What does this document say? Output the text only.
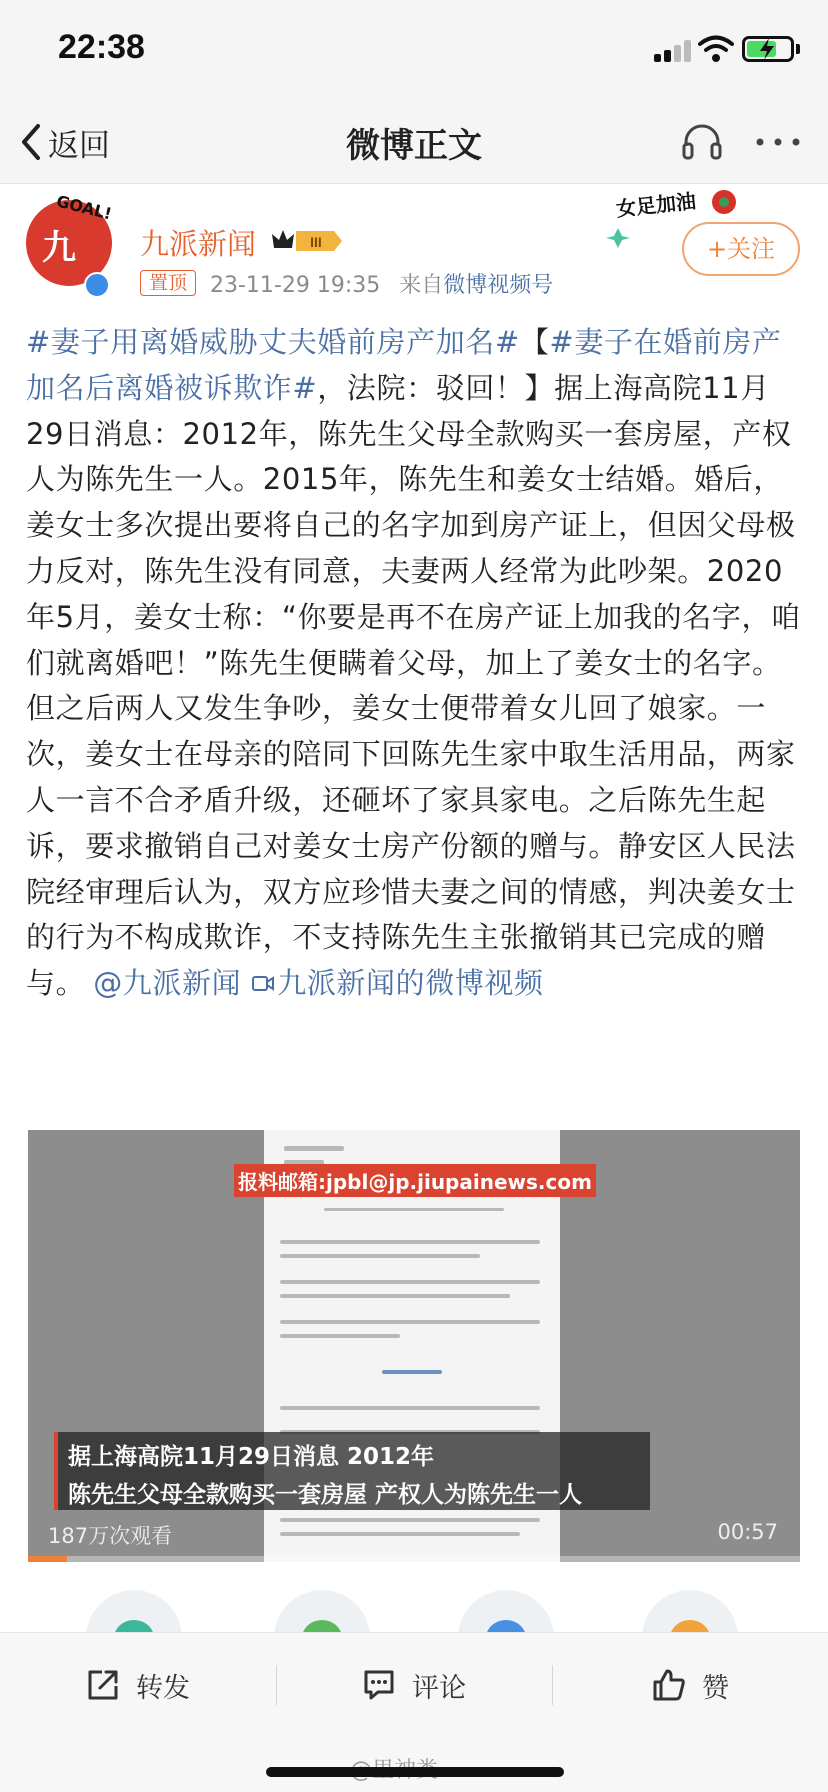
22:38
返回	微博正文
九
GOAL!
九派新闻	III
置顶	23-11-29 19:35 来自微博视频号
女足加油
+关注
#妻子用离婚威胁丈夫婚前房产加名#【#妻子在婚前房产加名后离婚被诉欺诈#，法院：驳回！】据上海高院11月29日消息：2012年，陈先生父母全款购买一套房屋，产权人为陈先生一人。2015年，陈先生和姜女士结婚。婚后，姜女士多次提出要将自己的名字加到房产证上，但因父母极力反对，陈先生没有同意，夫妻两人经常为此吵架。2020年5月，姜女士称：“你要是再不在房产证上加我的名字，咱们就离婚吧！”陈先生便瞒着父母，加上了姜女士的名字。但之后两人又发生争吵，姜女士便带着女儿回了娘家。一次，姜女士在母亲的陪同下回陈先生家中取生活用品，两家人一言不合矛盾升级，还砸坏了家具家电。之后陈先生起诉，要求撤销自己对姜女士房产份额的赠与。静安区人民法院经审理后认为，双方应珍惜夫妻之间的情感，判决姜女士的行为不构成欺诈，不支持陈先生主张撤销其已完成的赠与。 @九派新闻 九派新闻的微博视频
报料邮箱:jpbl@jp.jiupainews.com
据上海高院11月29日消息 2012年
陈先生父母全款购买一套房屋 产权人为陈先生一人
187万次观看	00:57
转发	评论	赞
